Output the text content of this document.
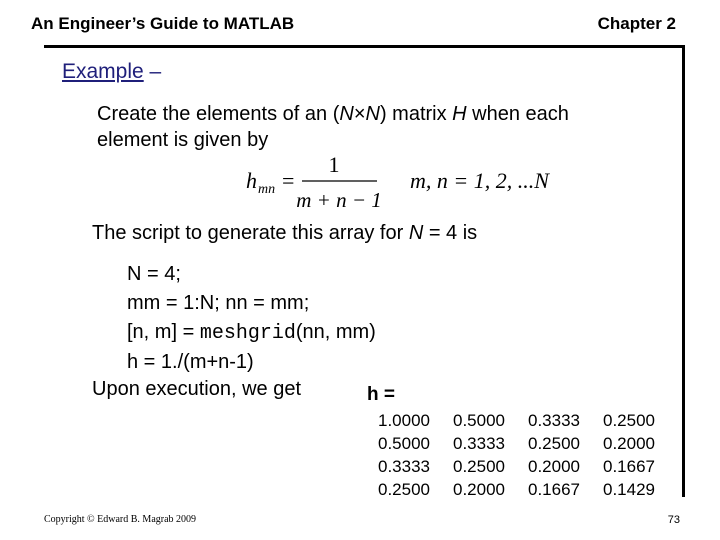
An Engineer’s Guide to MATLAB	Chapter 2
Example –
Create the elements of an (N×N) matrix H when each
element is given by
h mn =
1
m + n − 1
m, n = 1, 2, ...N
The script to generate this array for N = 4 is
N = 4;
mm = 1:N; nn = mm;
[n, m] = meshgrid(nn, mm)
h = 1./(m+n-1)
Upon execution, we get	h =
1.0000	0.5000	0.3333	0.2500
0.5000	0.3333	0.2500	0.2000
0.3333	0.2500	0.2000	0.1667
0.2500	0.2000	0.1667	0.1429
Copyright © Edward B. Magrab 2009	73
